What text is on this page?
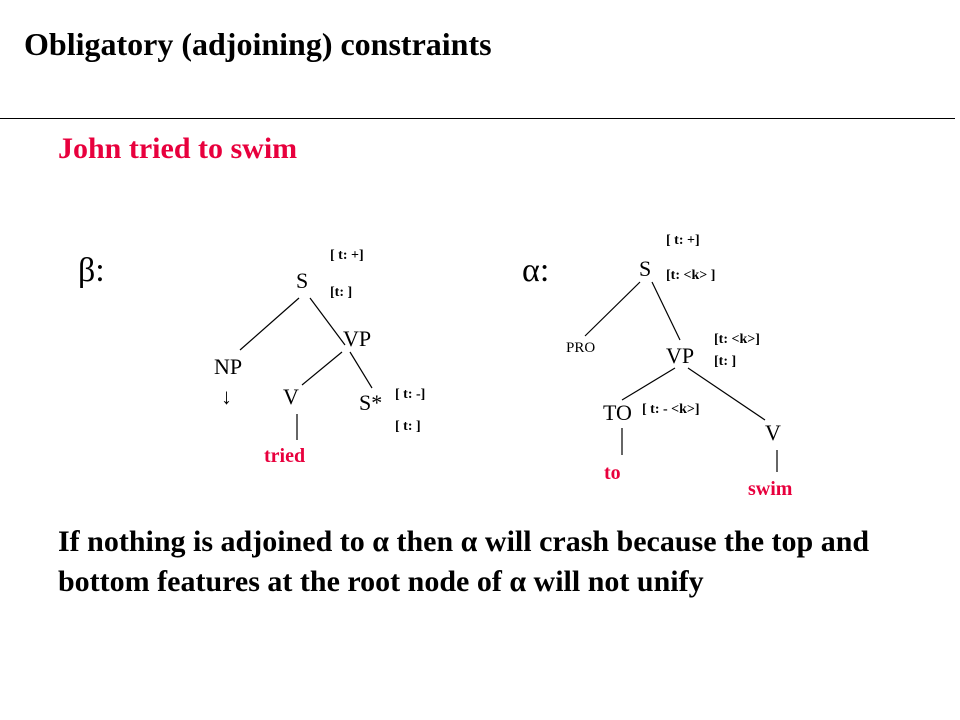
Obligatory (adjoining) constraints
John tried to swim
β:	S
[ t: +]
[t: ]
NP
↓
VP
V	S* [ t: -]
[ t: ]
tried
α:	S
[ t: +]
[t: <k> ]
PRO	VP
[t: <k>]
[t: ]
TO [ t: - <k>]
V
to
swim
If nothing is adjoined to α then α will crash because the top and bottom features at the root node of α will not unify
